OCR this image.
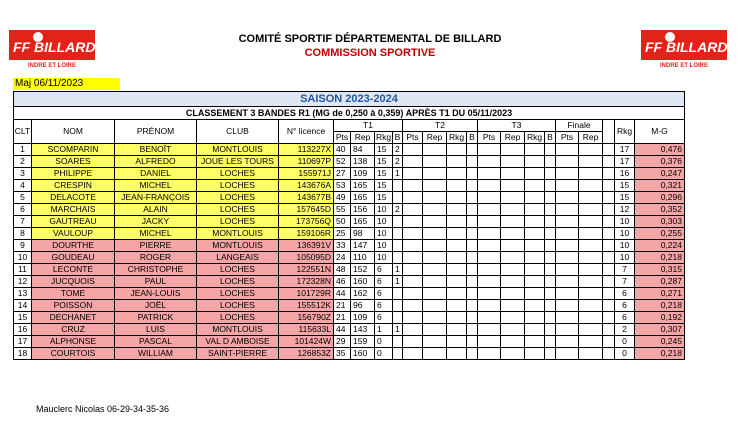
FF BILLARD
INDRE ET LOIRE
FF BILLARD
INDRE ET LOIRE
COMITÉ SPORTIF DÉPARTEMENTAL DE BILLARD
COMMISSION SPORTIVE
Maj 06/11/2023
SAISON 2023-2024																					
CLASSEMENT 3 BANDES R1 (MG de 0,250 à 0,359) APRÈS T1 DU 05/11/2023																					
CLT	NOM	PRÉNOM	CLUB	N° licence	T1				T2				T3				Finale			Rkg	M-G
					Pts	Rep	Rkg	B	Pts	Rep	Rkg	B	Pts	Rep	Rkg	B	Pts	Rep			
1	SCOMPARIN	BENOÎT	MONTLOUIS	113227X	40	84	15	2												17	0,476
2	SOARES	ALFREDO	JOUE LES TOURS	110697P	52	138	15	2												17	0,376
3	PHILIPPE	DANIEL	LOCHES	155971J	27	109	15	1												16	0,247
4	CRESPIN	MICHEL	LOCHES	143676A	53	165	15													15	0,321
5	DELACOTE	JEAN-FRANÇOIS	LOCHES	143677B	49	165	15													15	0,296
6	MARCHAIS	ALAIN	LOCHES	157645D	55	156	10	2												12	0,352
7	GAUTREAU	JACKY	LOCHES	173756Q	50	165	10													10	0,303
8	VAULOUP	MICHEL	MONTLOUIS	159106R	25	98	10													10	0,255
9	DOURTHE	PIERRE	MONTLOUIS	136391V	33	147	10													10	0,224
10	GOUDEAU	ROGER	LANGEAIS	105095D	24	110	10													10	0,218
11	LECONTE	CHRISTOPHE	LOCHES	122551N	48	152	6	1												7	0,315
12	JUCQUOIS	PAUL	LOCHES	172328N	46	160	6	1												7	0,287
13	TOME	JEAN-LOUIS	LOCHES	101729R	44	162	6													6	0,271
14	POISSON	JOËL	LOCHES	155512K	21	96	6													6	0,218
15	DECHANET	PATRICK	LOCHES	156790Z	21	109	6													6	0,192
16	CRUZ	LUIS	MONTLOUIS	115633L	44	143	1	1												2	0,307
17	ALPHONSE	PASCAL	VAL D AMBOISE	101424W	29	159	0													0	0,245
18	COURTOIS	WILLIAM	SAINT-PIERRE	126853Z	35	160	0													0	0,218
Mauclerc Nicolas 06-29-34-35-36
